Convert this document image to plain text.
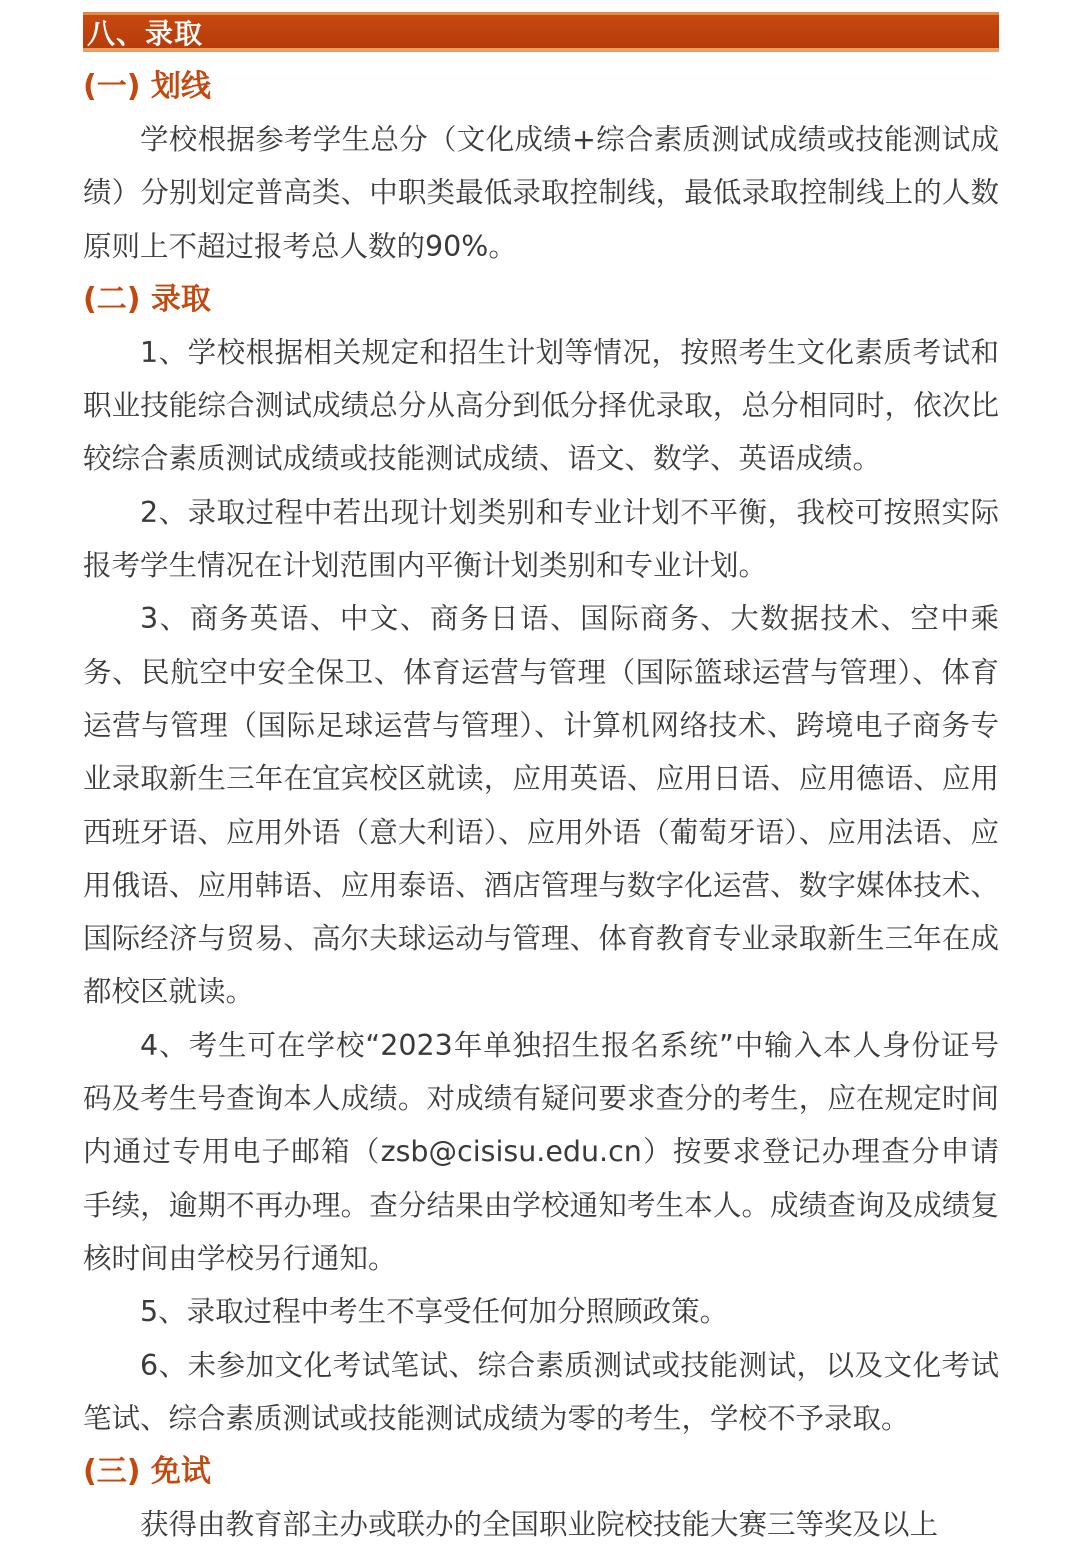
八、录取
(一) 划线

学校根据参考学生总分（文化成绩+综合素质测试成绩或技能测试成绩）分别划定普高类、中职类最低录取控制线，最低录取控制线上的人数原则上不超过报考总人数的90%。

(二) 录取

1、学校根据相关规定和招生计划等情况，按照考生文化素质考试和职业技能综合测试成绩总分从高分到低分择优录取，总分相同时，依次比较综合素质测试成绩或技能测试成绩、语文、数学、英语成绩。

2、录取过程中若出现计划类别和专业计划不平衡，我校可按照实际报考学生情况在计划范围内平衡计划类别和专业计划。

3、商务英语、中文、商务日语、国际商务、大数据技术、空中乘务、民航空中安全保卫、体育运营与管理（国际篮球运营与管理）、体育运营与管理（国际足球运营与管理）、计算机网络技术、跨境电子商务专业录取新生三年在宜宾校区就读，应用英语、应用日语、应用德语、应用西班牙语、应用外语（意大利语）、应用外语（葡萄牙语）、应用法语、应用俄语、应用韩语、应用泰语、酒店管理与数字化运营、数字媒体技术、国际经济与贸易、高尔夫球运动与管理、体育教育专业录取新生三年在成都校区就读。

4、考生可在学校“2023年单独招生报名系统”中输入本人身份证号码及考生号查询本人成绩。对成绩有疑问要求查分的考生，应在规定时间内通过专用电子邮箱（zsb@cisisu.edu.cn）按要求登记办理查分申请手续，逾期不再办理。查分结果由学校通知考生本人。成绩查询及成绩复核时间由学校另行通知。

5、录取过程中考生不享受任何加分照顾政策。

6、未参加文化考试笔试、综合素质测试或技能测试，以及文化考试笔试、综合素质测试或技能测试成绩为零的考生，学校不予录取。

(三) 免试

获得由教育部主办或联办的全国职业院校技能大赛三等奖及以上
